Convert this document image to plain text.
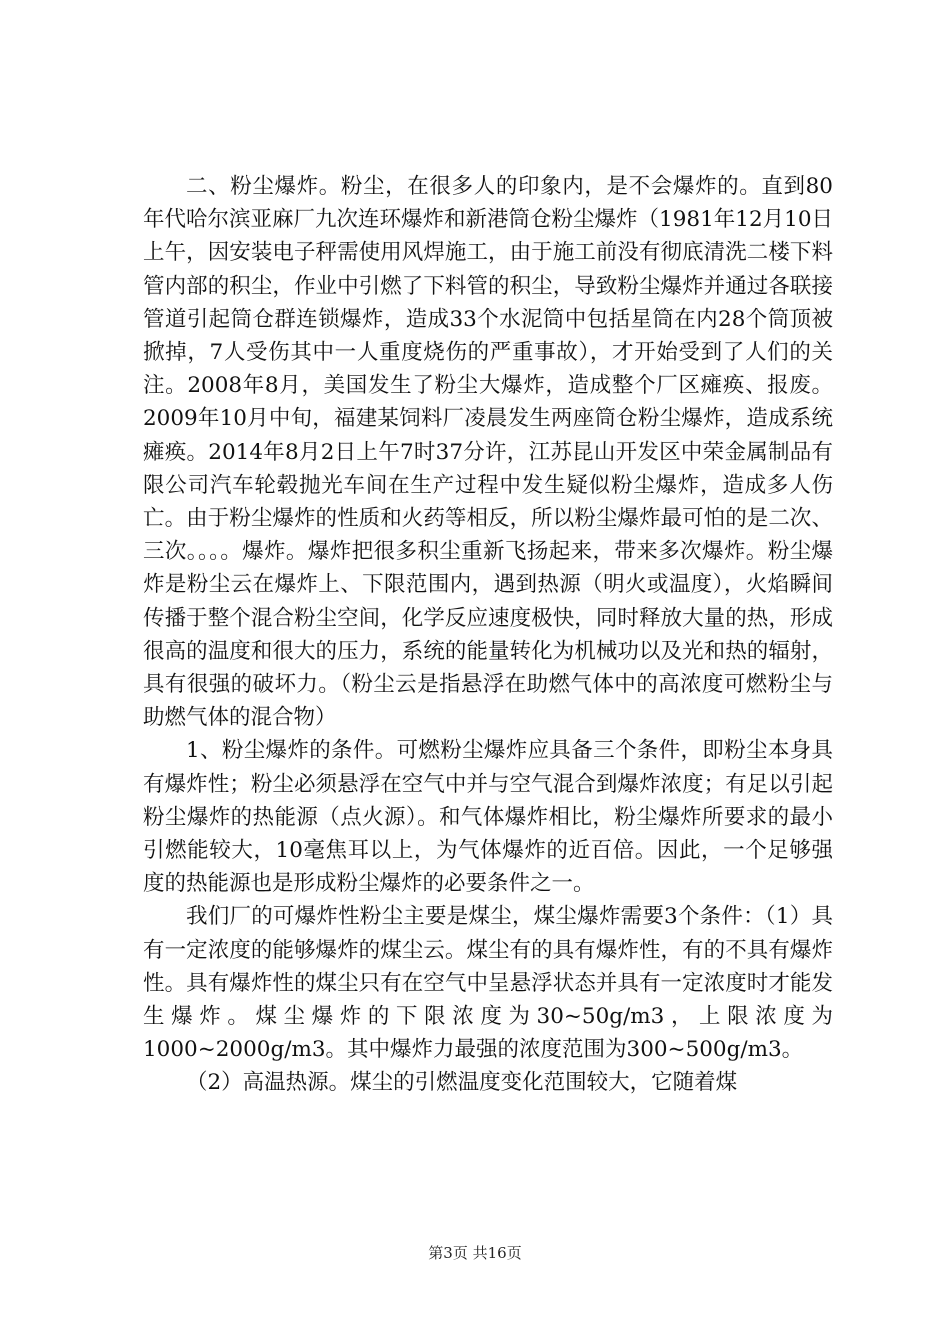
二、粉尘爆炸。粉尘，在很多人的印象内，是不会爆炸的。直到80年代哈尔滨亚麻厂九次连环爆炸和新港筒仓粉尘爆炸（1981年12月10日上午，因安装电子秤需使用风焊施工，由于施工前没有彻底清洗二楼下料管内部的积尘，作业中引燃了下料管的积尘，导致粉尘爆炸并通过各联接管道引起筒仓群连锁爆炸，造成33个水泥筒中包括星筒在内28个筒顶被掀掉，7人受伤其中一人重度烧伤的严重事故），才开始受到了人们的关注。2008年8月，美国发生了粉尘大爆炸，造成整个厂区瘫痪、报废。2009年10月中旬，福建某饲料厂凌晨发生两座筒仓粉尘爆炸，造成系统瘫痪。2014年8月2日上午7时37分许，江苏昆山开发区中荣金属制品有限公司汽车轮毂抛光车间在生产过程中发生疑似粉尘爆炸，造成多人伤亡。由于粉尘爆炸的性质和火药等相反，所以粉尘爆炸最可怕的是二次、三次。。。。爆炸。爆炸把很多积尘重新飞扬起来，带来多次爆炸。粉尘爆炸是粉尘云在爆炸上、下限范围内，遇到热源（明火或温度），火焰瞬间传播于整个混合粉尘空间，化学反应速度极快，同时释放大量的热，形成很高的温度和很大的压力，系统的能量转化为机械功以及光和热的辐射，具有很强的破坏力。（粉尘云是指悬浮在助燃气体中的高浓度可燃粉尘与助燃气体的混合物）

1、粉尘爆炸的条件。可燃粉尘爆炸应具备三个条件，即粉尘本身具有爆炸性；粉尘必须悬浮在空气中并与空气混合到爆炸浓度；有足以引起粉尘爆炸的热能源（点火源）。和气体爆炸相比，粉尘爆炸所要求的最小引燃能较大，10毫焦耳以上，为气体爆炸的近百倍。因此，一个足够强度的热能源也是形成粉尘爆炸的必要条件之一。

我们厂的可爆炸性粉尘主要是煤尘，煤尘爆炸需要3个条件：（1）具有一定浓度的能够爆炸的煤尘云。煤尘有的具有爆炸性，有的不具有爆炸性。具有爆炸性的煤尘只有在空气中呈悬浮状态并具有一定浓度时才能发生爆炸。煤尘爆炸的下限浓度为30~50g/m3，上限浓度为1000~2000g/m3。其中爆炸力最强的浓度范围为300~500g/m3。

（2）高温热源。煤尘的引燃温度变化范围较大，它随着煤

第3页 共16页
